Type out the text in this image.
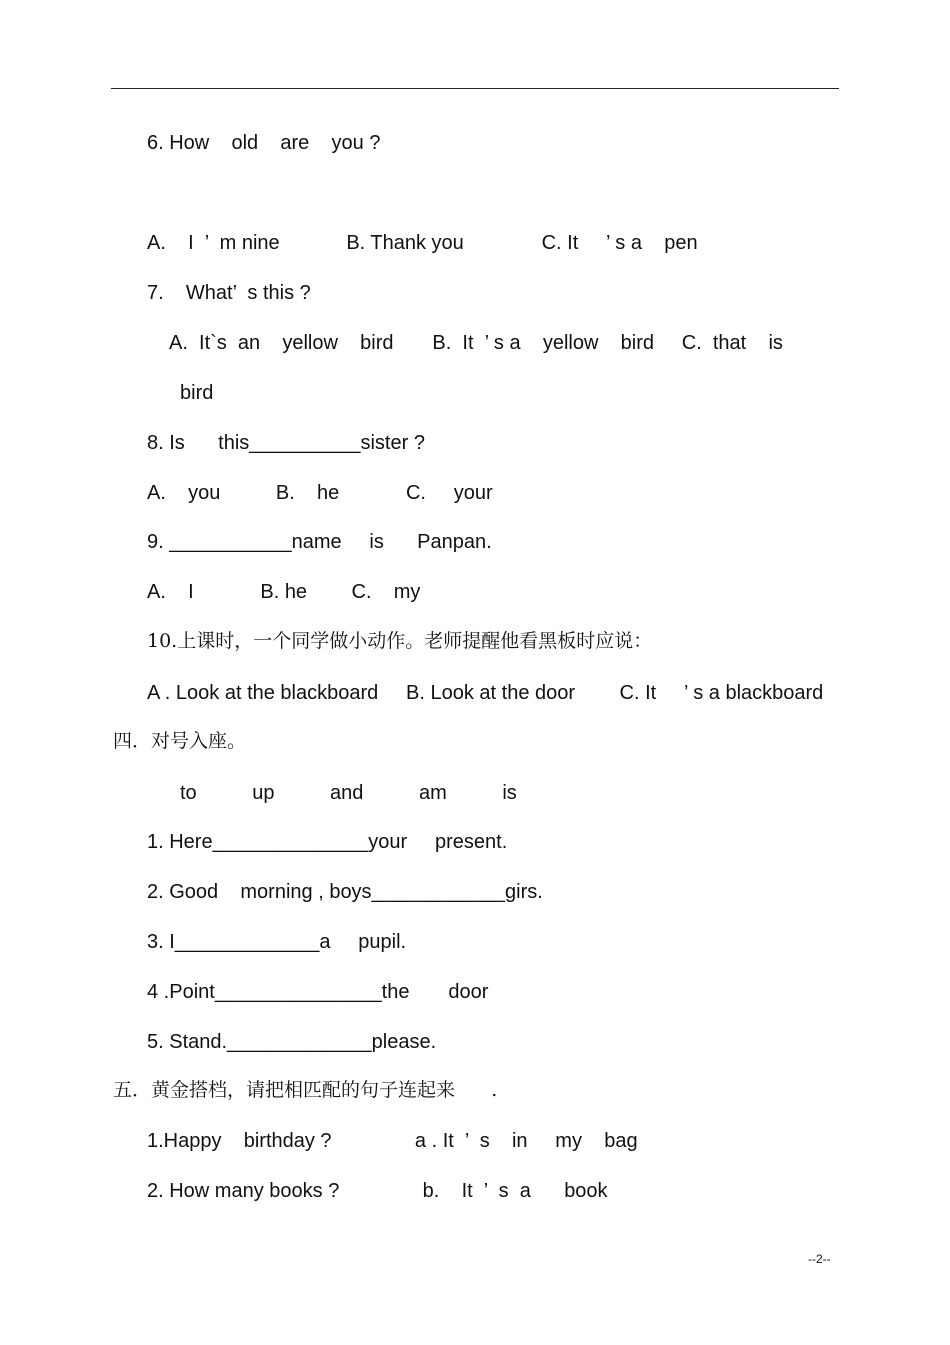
6. How    old    are    you ?
A.    I  ’  m nine            B. Thank you              C. It     ’ s a    pen
7.    What’  s this ?
A.  It`s  an    yellow    bird       B.  It  ’ s a    yellow    bird     C.  that    is
bird
8. Is      this__________sister ?
A.    you          B.    he            C.     your
9. ___________name     is      Panpan.
A.    I            B. he        C.    my
10.上课时，一个同学做小动作。老师提醒他看黑板时应说：
A . Look at the blackboard     B. Look at the door        C. It     ’ s a blackboard
四．对号入座。
to          up          and          am          is
1. Here______________your     present.
2. Good    morning , boys____________girs.
3. I_____________a     pupil.
4 .Point_______________the       door
5. Stand._____________please.
五．黄金搭档，请把相匹配的句子连起来      .
1.Happy    birthday ?               a . It  ’  s    in     my    bag
2. How many books ?               b.    It  ’  s  a      book
--2--
